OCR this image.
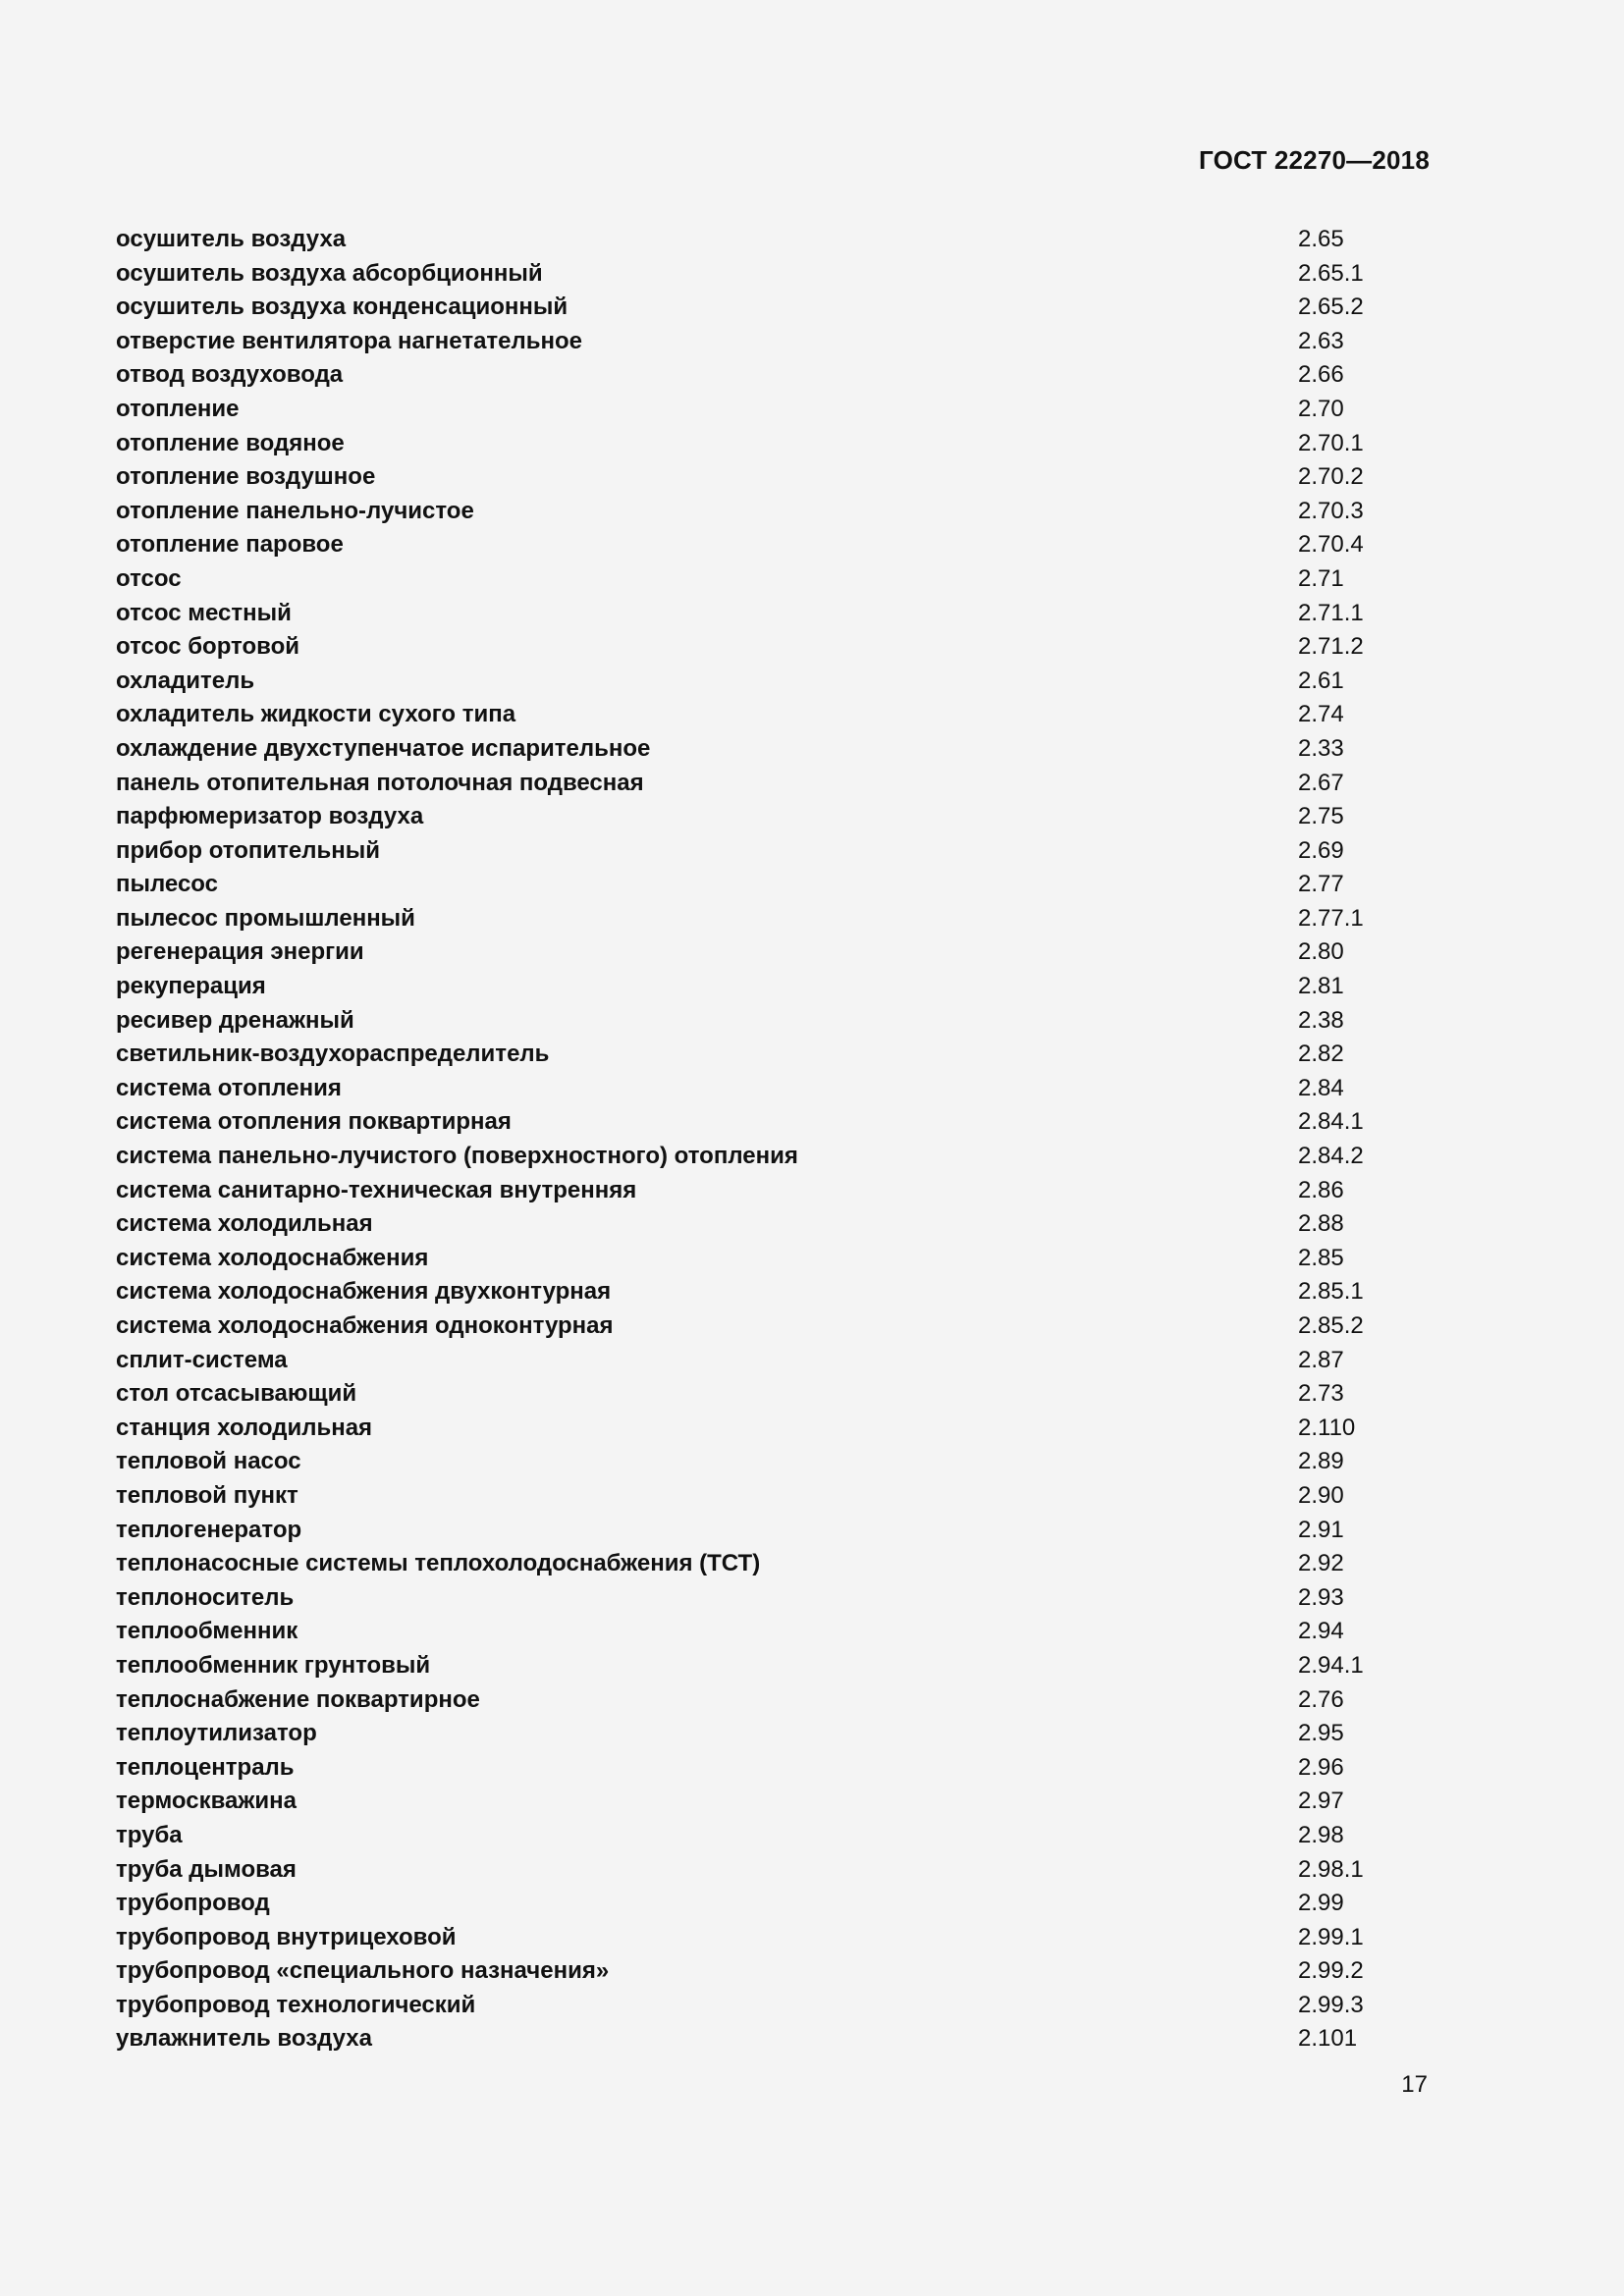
ГОСТ 22270—2018
осушитель воздуха	2.65
осушитель воздуха абсорбционный	2.65.1
осушитель воздуха конденсационный	2.65.2
отверстие вентилятора нагнетательное	2.63
отвод воздуховода	2.66
отопление	2.70
отопление водяное	2.70.1
отопление воздушное	2.70.2
отопление панельно-лучистое	2.70.3
отопление паровое	2.70.4
отсос	2.71
отсос местный	2.71.1
отсос бортовой	2.71.2
охладитель	2.61
охладитель жидкости сухого типа	2.74
охлаждение двухступенчатое испарительное	2.33
панель отопительная потолочная подвесная	2.67
парфюмеризатор воздуха	2.75
прибор отопительный	2.69
пылесос	2.77
пылесос промышленный	2.77.1
регенерация энергии	2.80
рекуперация	2.81
ресивер дренажный	2.38
светильник-воздухораспределитель	2.82
система отопления	2.84
система отопления поквартирная	2.84.1
система панельно-лучистого (поверхностного) отопления	2.84.2
система санитарно-техническая внутренняя	2.86
система холодильная	2.88
система холодоснабжения	2.85
система холодоснабжения двухконтурная	2.85.1
система холодоснабжения одноконтурная	2.85.2
сплит-система	2.87
стол отсасывающий	2.73
станция холодильная	2.110
тепловой насос	2.89
тепловой пункт	2.90
теплогенератор	2.91
теплонасосные системы теплохолодоснабжения (ТСТ)	2.92
теплоноситель	2.93
теплообменник	2.94
теплообменник грунтовый	2.94.1
теплоснабжение поквартирное	2.76
теплоутилизатор	2.95
теплоцентраль	2.96
термоскважина	2.97
труба	2.98
труба дымовая	2.98.1
трубопровод	2.99
трубопровод внутрицеховой	2.99.1
трубопровод «специального назначения»	2.99.2
трубопровод технологический	2.99.3
увлажнитель воздуха	2.101
17
